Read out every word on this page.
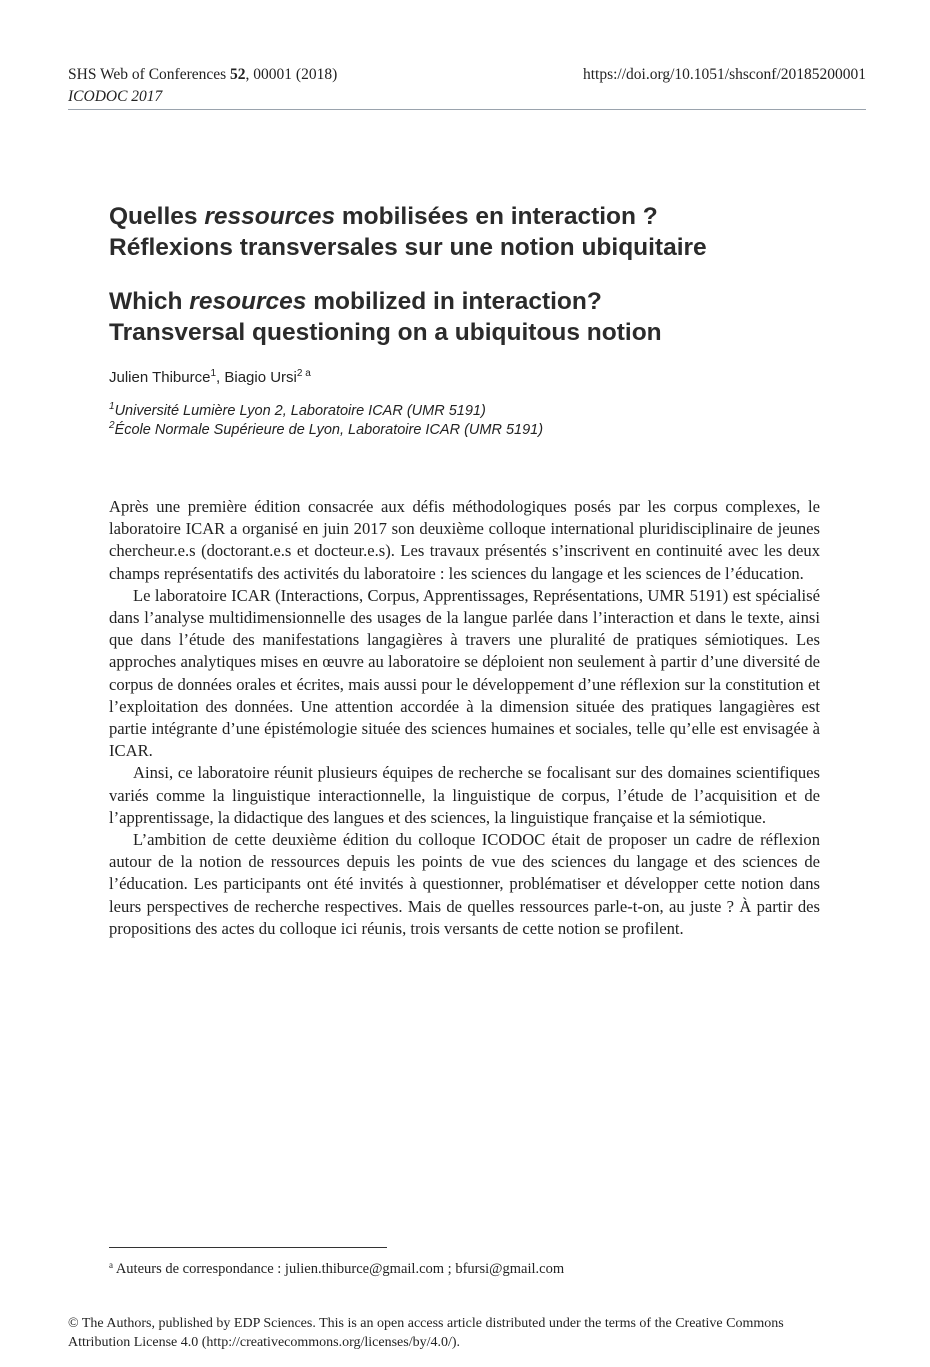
SHS Web of Conferences 52, 00001 (2018)	https://doi.org/10.1051/shsconf/20185200001
ICODOC 2017
Quelles ressources mobilisées en interaction ?
Réflexions transversales sur une notion ubiquitaire
Which resources mobilized in interaction?
Transversal questioning on a ubiquitous notion
Julien Thiburce$^1$, Biagio Ursi$^{2 a}$
$^1$Université Lumière Lyon 2, Laboratoire ICAR (UMR 5191)
$^2$École Normale Supérieure de Lyon, Laboratoire ICAR (UMR 5191)

Après une première édition consacrée aux défis méthodologiques posés par les corpus complexes, le laboratoire ICAR a organisé en juin 2017 son deuxième colloque international pluridisciplinaire de jeunes chercheur.e.s (doctorant.e.s et docteur.e.s). Les travaux présentés s’inscrivent en continuité avec les deux champs représentatifs des activités du laboratoire : les sciences du langage et les sciences de l’éducation.

Le laboratoire ICAR (Interactions, Corpus, Apprentissages, Représentations, UMR 5191) est spécialisé dans l’analyse multidimensionnelle des usages de la langue parlée dans l’interaction et dans le texte, ainsi que dans l’étude des manifestations langagières à travers une pluralité de pratiques sémiotiques. Les approches analytiques mises en œuvre au laboratoire se déploient non seulement à partir d’une diversité de corpus de données orales et écrites, mais aussi pour le développement d’une réflexion sur la constitution et l’exploitation des données. Une attention accordée à la dimension située des pratiques langagières est partie intégrante d’une épistémologie située des sciences humaines et sociales, telle qu’elle est envisagée à ICAR.

Ainsi, ce laboratoire réunit plusieurs équipes de recherche se focalisant sur des domaines scientifiques variés comme la linguistique interactionnelle, la linguistique de corpus, l’étude de l’acquisition et de l’apprentissage, la didactique des langues et des sciences, la linguistique française et la sémiotique.

L’ambition de cette deuxième édition du colloque ICODOC était de proposer un cadre de réflexion autour de la notion de ressources depuis les points de vue des sciences du langage et des sciences de l’éducation. Les participants ont été invités à questionner, problématiser et développer cette notion dans leurs perspectives de recherche respectives. Mais de quelles ressources parle-t-on, au juste ? À partir des propositions des actes du colloque ici réunis, trois versants de cette notion se profilent.

$^a$ Auteurs de correspondance : julien.thiburce@gmail.com ; bfursi@gmail.com
© The Authors, published by EDP Sciences. This is an open access article distributed under the terms of the Creative Commons
Attribution License 4.0 (http://creativecommons.org/licenses/by/4.0/).
